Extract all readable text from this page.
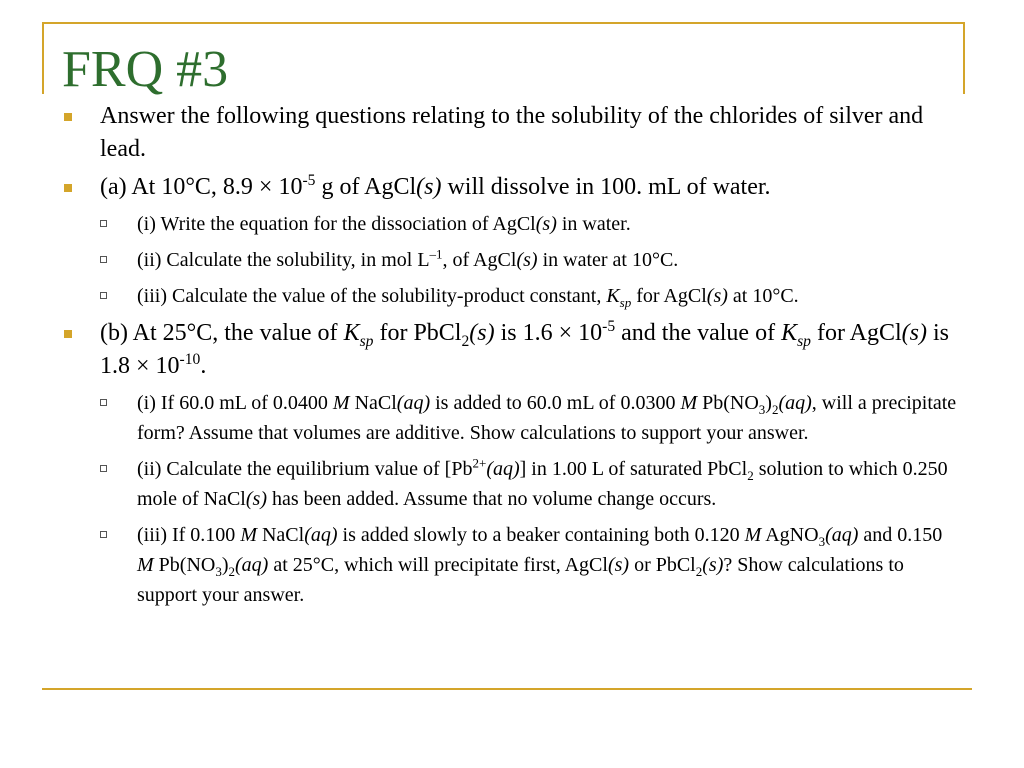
FRQ #3
Answer the following questions relating to the solubility of the chlorides of silver and lead.
(a) At 10°C, $8.9 \times 10^{-5}$ g of AgCl(s) will dissolve in 100. mL of water.
(i) Write the equation for the dissociation of AgCl(s) in water.
(ii) Calculate the solubility, in mol $L^{-1}$, of AgCl(s) in water at 10°C.
(iii) Calculate the value of the solubility-product constant, $K_{sp}$ for AgCl(s) at 10°C.
(b) At 25°C, the value of $K_{sp}$ for PbCl$_2$(s) is $1.6 \times 10^{-5}$ and the value of $K_{sp}$ for AgCl(s) is $1.8 \times 10^{-10}$.
(i) If 60.0 mL of 0.0400 M NaCl(aq) is added to 60.0 mL of 0.0300 M $Pb(NO_3)_2(aq)$, will a precipitate form? Assume that volumes are additive. Show calculations to support your answer.
(ii) Calculate the equilibrium value of $[Pb^{2+}(aq)]$ in 1.00 L of saturated PbCl$_2$ solution to which 0.250 mole of NaCl(s) has been added. Assume that no volume change occurs.
(iii) If 0.100 M NaCl(aq) is added slowly to a beaker containing both 0.120 M AgNO$_3$(aq) and 0.150 M $Pb(NO_3)_2(aq)$ at 25°C, which will precipitate first, AgCl(s) or PbCl$_2$(s)? Show calculations to support your answer.
